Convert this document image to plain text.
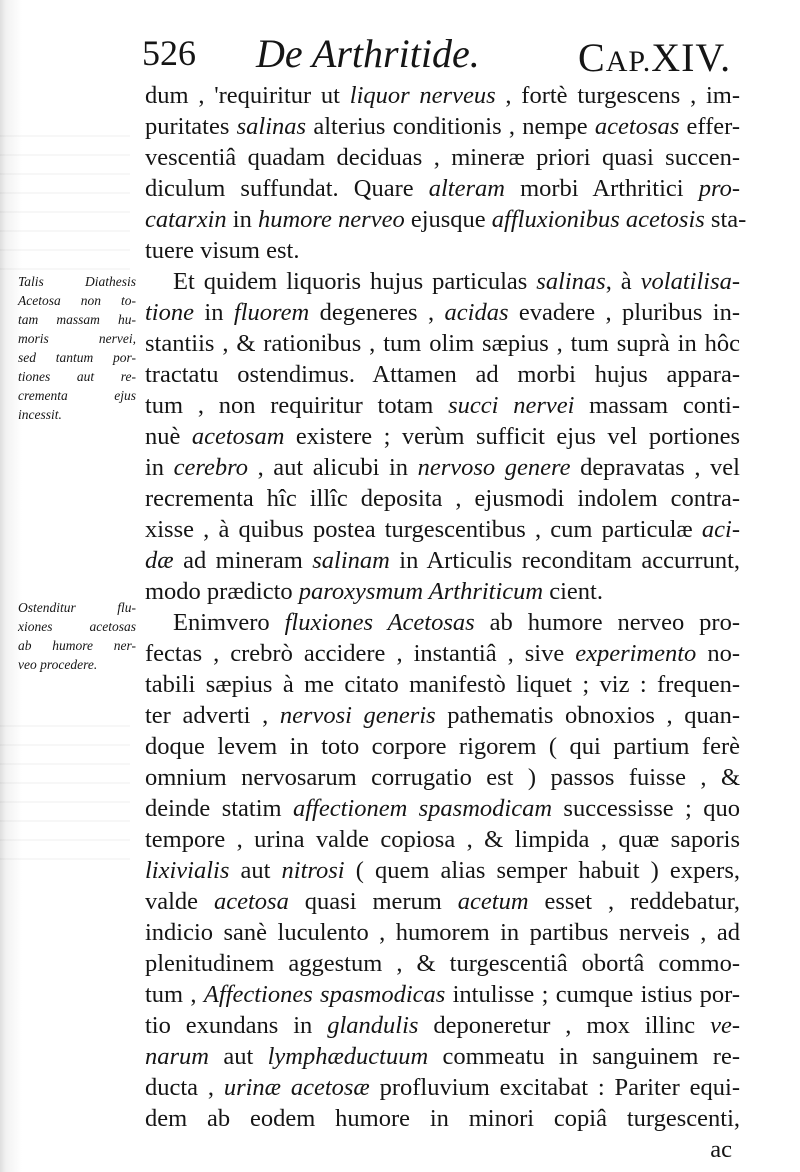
526 De Arthritide. CAP.XIV.
Talis Diathesis
Acetosa non to-
tam massam hu-
moris nervei,
sed tantum por-
tiones aut re-
crementa ejus
incessit.
Ostenditur flu-
xiones acetosas
ab humore ner-
veo procedere.
dum , 'requiritur ut liquor nerveus , fortè turgescens , im-
puritates salinas alterius conditionis , nempe acetosas effer-
vescentiâ quadam deciduas , mineræ priori quasi succen-
diculum suffundat. Quare alteram morbi Arthritici pro-
catarxin in humore nerveo ejusque affluxionibus acetosis sta-
tuere visum est.
Et quidem liquoris hujus particulas salinas, à volatilisa-
tione in fluorem degeneres , acidas evadere , pluribus in-
stantiis , & rationibus , tum olim sæpius , tum suprà in hôc
tractatu ostendimus. Attamen ad morbi hujus appara-
tum , non requiritur totam succi nervei massam conti-
nuè acetosam existere ; verùm sufficit ejus vel portiones
in cerebro , aut alicubi in nervoso genere depravatas , vel
recrementa hîc illîc deposita , ejusmodi indolem contra-
xisse , à quibus postea turgescentibus , cum particulæ aci-
dæ ad mineram salinam in Articulis reconditam accurrunt,
modo prædicto paroxysmum Arthriticum cient.
Enimvero fluxiones Acetosas ab humore nerveo pro-
fectas , crebrò accidere , instantiâ , sive experimento no-
tabili sæpius à me citato manifestò liquet ; viz : frequen-
ter adverti , nervosi generis pathematis obnoxios , quan-
doque levem in toto corpore rigorem ( qui partium ferè
omnium nervosarum corrugatio est ) passos fuisse , &
deinde statim affectionem spasmodicam successisse ; quo
tempore , urina valde copiosa , & limpida , quæ saporis
lixivialis aut nitrosi ( quem alias semper habuit ) expers,
valde acetosa quasi merum acetum esset , reddebatur,
indicio sanè luculento , humorem in partibus nerveis , ad
plenitudinem aggestum , & turgescentiâ obortâ commo-
tum , Affectiones spasmodicas intulisse ; cumque istius por-
tio exundans in glandulis deponeretur , mox illinc ve-
narum aut lymphæductuum commeatu in sanguinem re-
ducta , urinæ acetosæ profluvium excitabat : Pariter equi-
dem ab eodem humore in minori copiâ turgescenti,
ac
